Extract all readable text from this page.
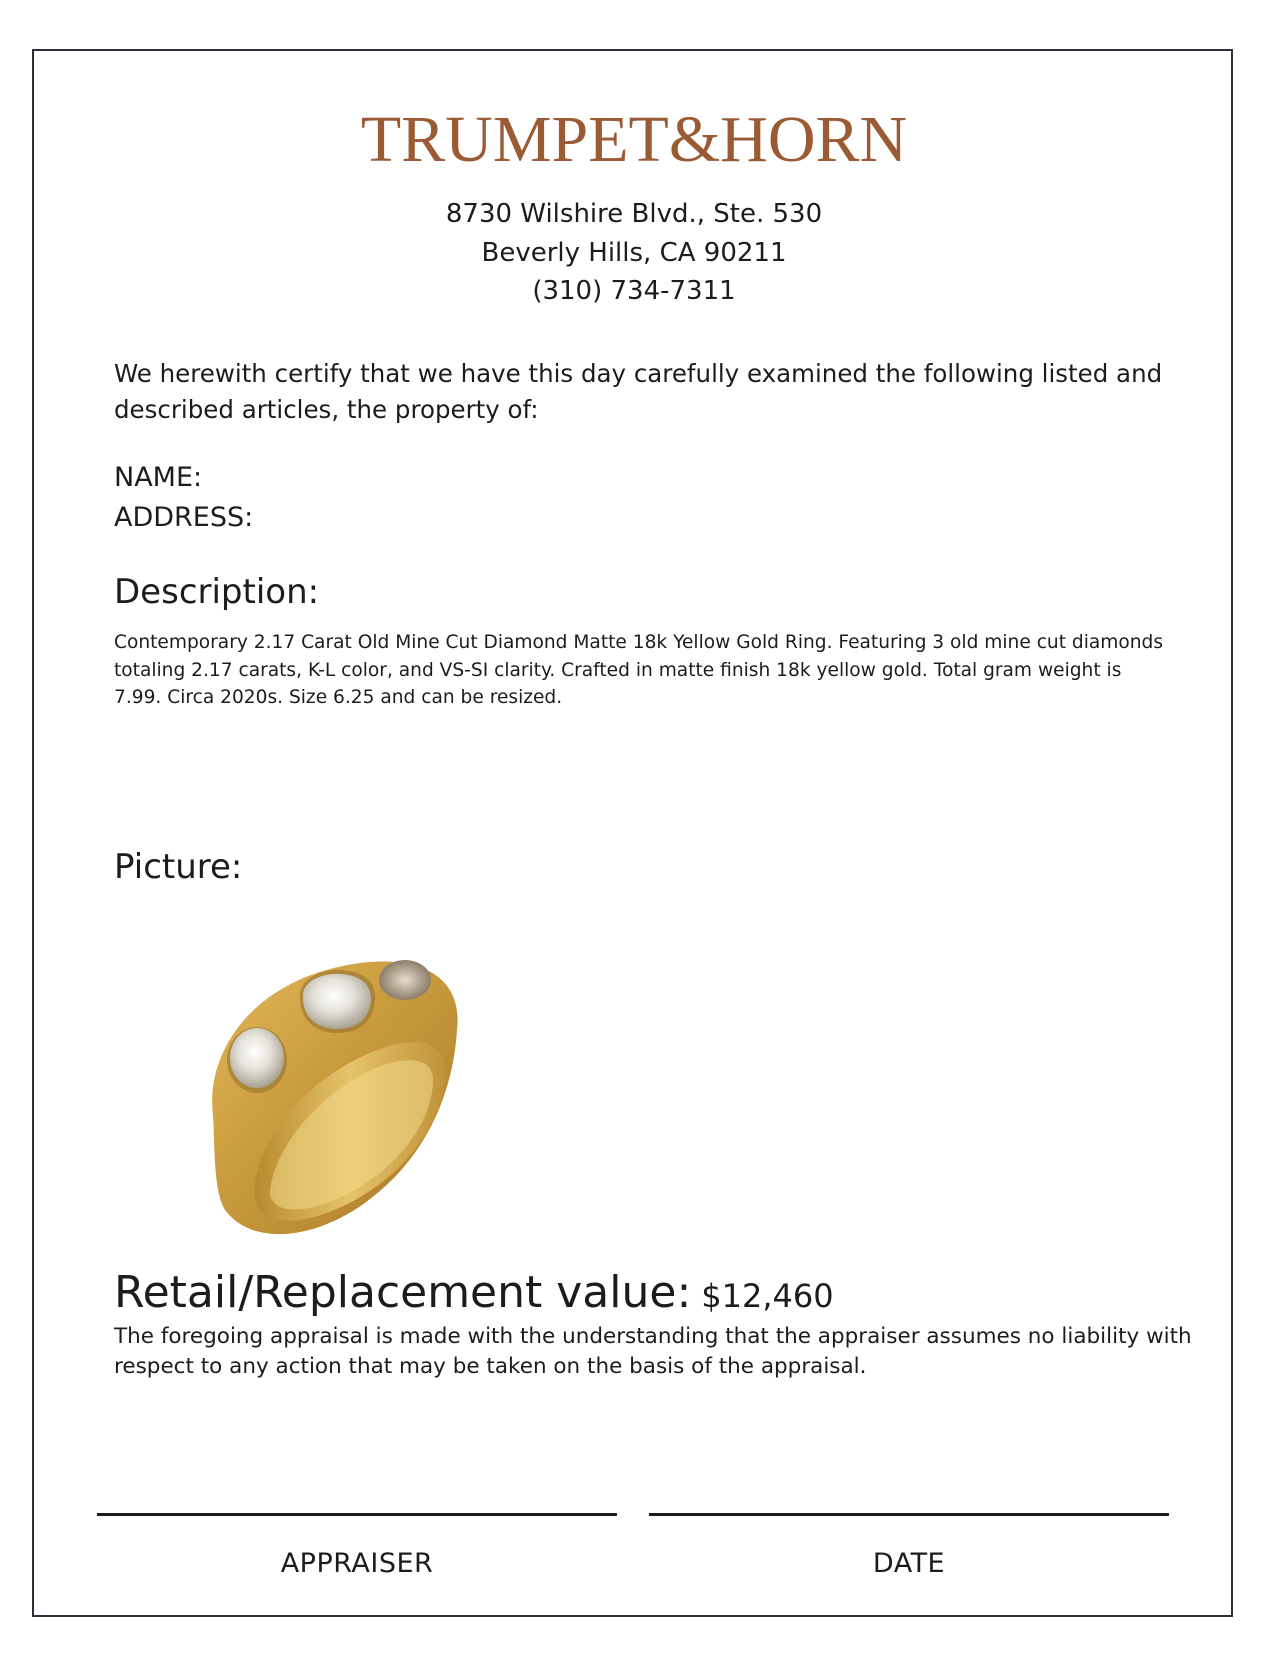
TRUMPET&HORN
8730 Wilshire Blvd., Ste. 530
Beverly Hills, CA 90211
(310) 734-7311
We herewith certify that we have this day carefully examined the following listed and described articles, the property of:
NAME:
ADDRESS:
Description:
Contemporary 2.17 Carat Old Mine Cut Diamond Matte 18k Yellow Gold Ring. Featuring 3 old mine cut diamonds totaling 2.17 carats, K-L color, and VS-SI clarity. Crafted in matte finish 18k yellow gold. Total gram weight is 7.99. Circa 2020s. Size 6.25 and can be resized.
Picture:
Retail/Replacement value: $12,460
The foregoing appraisal is made with the understanding that the appraiser assumes no liability with respect to any action that may be taken on the basis of the appraisal.
APPRAISER	DATE
